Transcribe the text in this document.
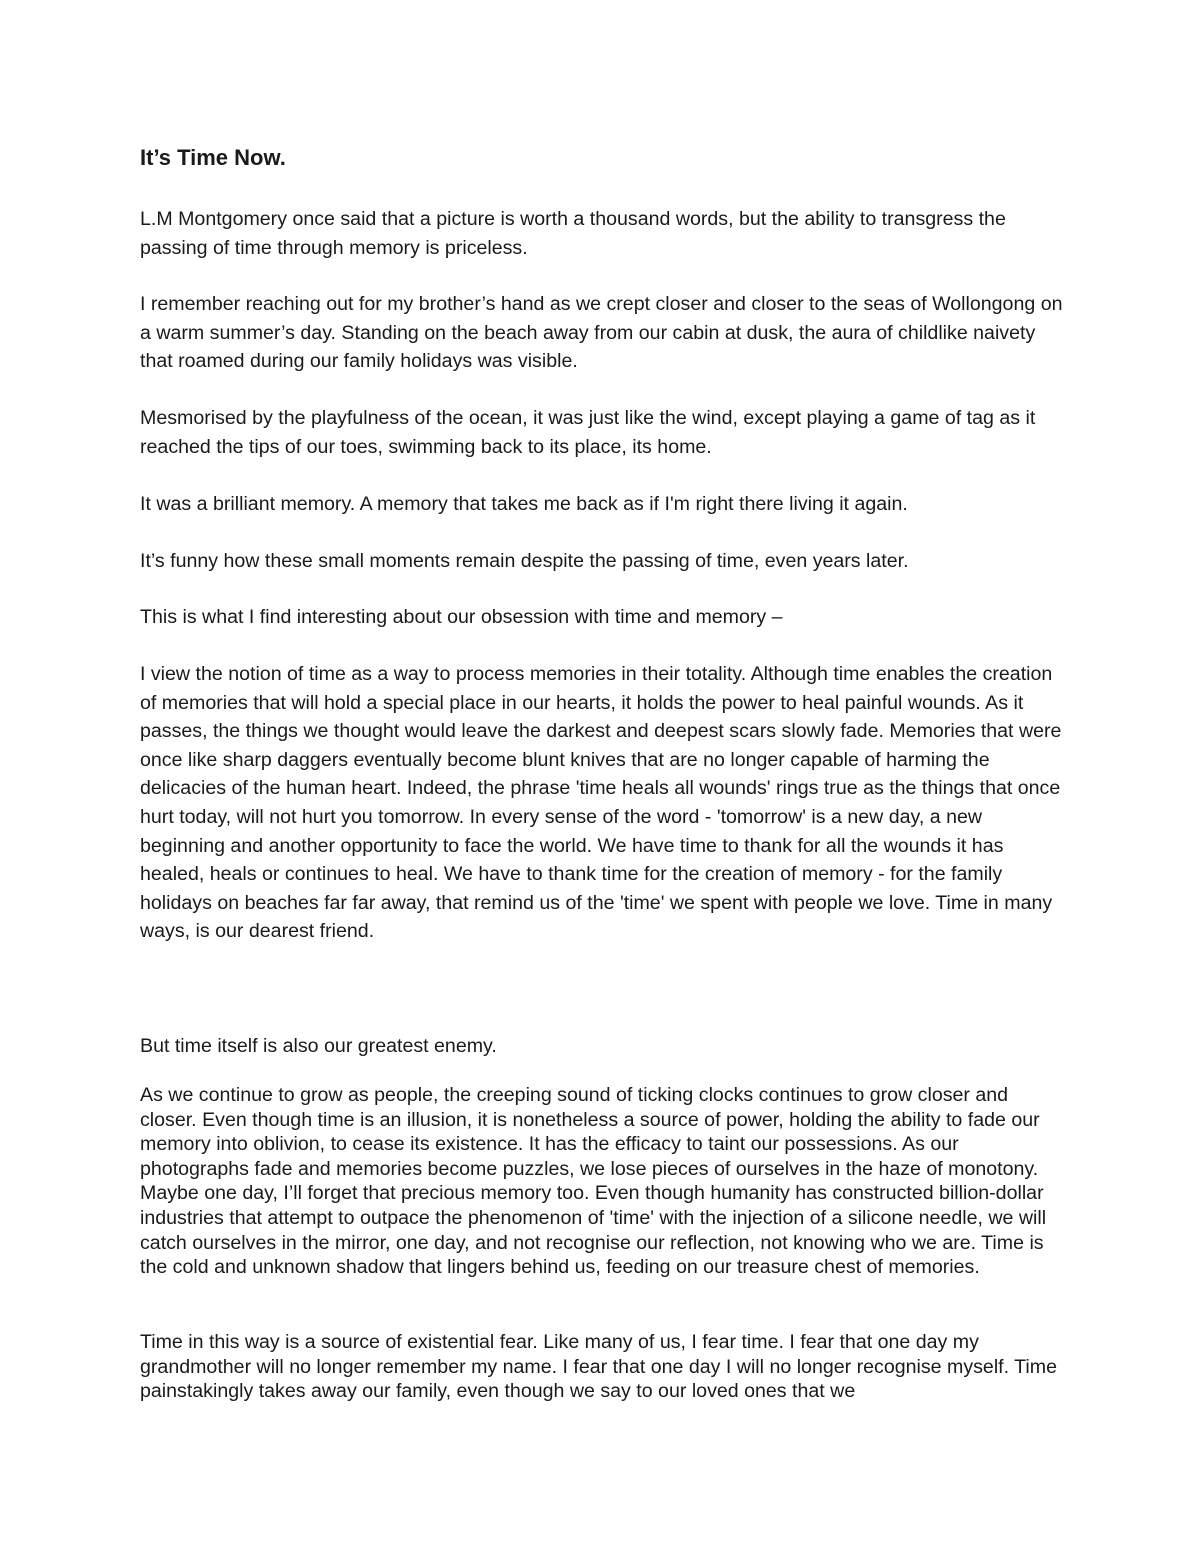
It’s Time Now.

L.M Montgomery once said that a picture is worth a thousand words, but the ability to transgress the passing of time through memory is priceless.

I remember reaching out for my brother’s hand as we crept closer and closer to the seas of Wollongong on a warm summer’s day. Standing on the beach away from our cabin at dusk, the aura of childlike naivety that roamed during our family holidays was visible.

Mesmorised by the playfulness of the ocean, it was just like the wind, except playing a game of tag as it reached the tips of our toes, swimming back to its place, its home.

It was a brilliant memory. A memory that takes me back as if I'm right there living it again.

It’s funny how these small moments remain despite the passing of time, even years later.

This is what I find interesting about our obsession with time and memory –

I view the notion of time as a way to process memories in their totality. Although time enables the creation of memories that will hold a special place in our hearts, it holds the power to heal painful wounds. As it passes, the things we thought would leave the darkest and deepest scars slowly fade. Memories that were once like sharp daggers eventually become blunt knives that are no longer capable of harming the delicacies of the human heart. Indeed, the phrase 'time heals all wounds' rings true as the things that once hurt today, will not hurt you tomorrow. In every sense of the word - 'tomorrow' is a new day, a new beginning and another opportunity to face the world. We have time to thank for all the wounds it has healed, heals or continues to heal. We have to thank time for the creation of memory - for the family holidays on beaches far far away, that remind us of the 'time' we spent with people we love. Time in many ways, is our dearest friend.

But time itself is also our greatest enemy.

As we continue to grow as people, the creeping sound of ticking clocks continues to grow closer and closer. Even though time is an illusion, it is nonetheless a source of power, holding the ability to fade our memory into oblivion, to cease its existence. It has the efficacy to taint our possessions. As our photographs fade and memories become puzzles, we lose pieces of ourselves in the haze of monotony. Maybe one day, I’ll forget that precious memory too. Even though humanity has constructed billion-dollar industries that attempt to outpace the phenomenon of 'time' with the injection of a silicone needle, we will catch ourselves in the mirror, one day, and not recognise our reflection, not knowing who we are. Time is the cold and unknown shadow that lingers behind us, feeding on our treasure chest of memories.

Time in this way is a source of existential fear. Like many of us, I fear time. I fear that one day my grandmother will no longer remember my name. I fear that one day I will no longer recognise myself. Time painstakingly takes away our family, even though we say to our loved ones that we
